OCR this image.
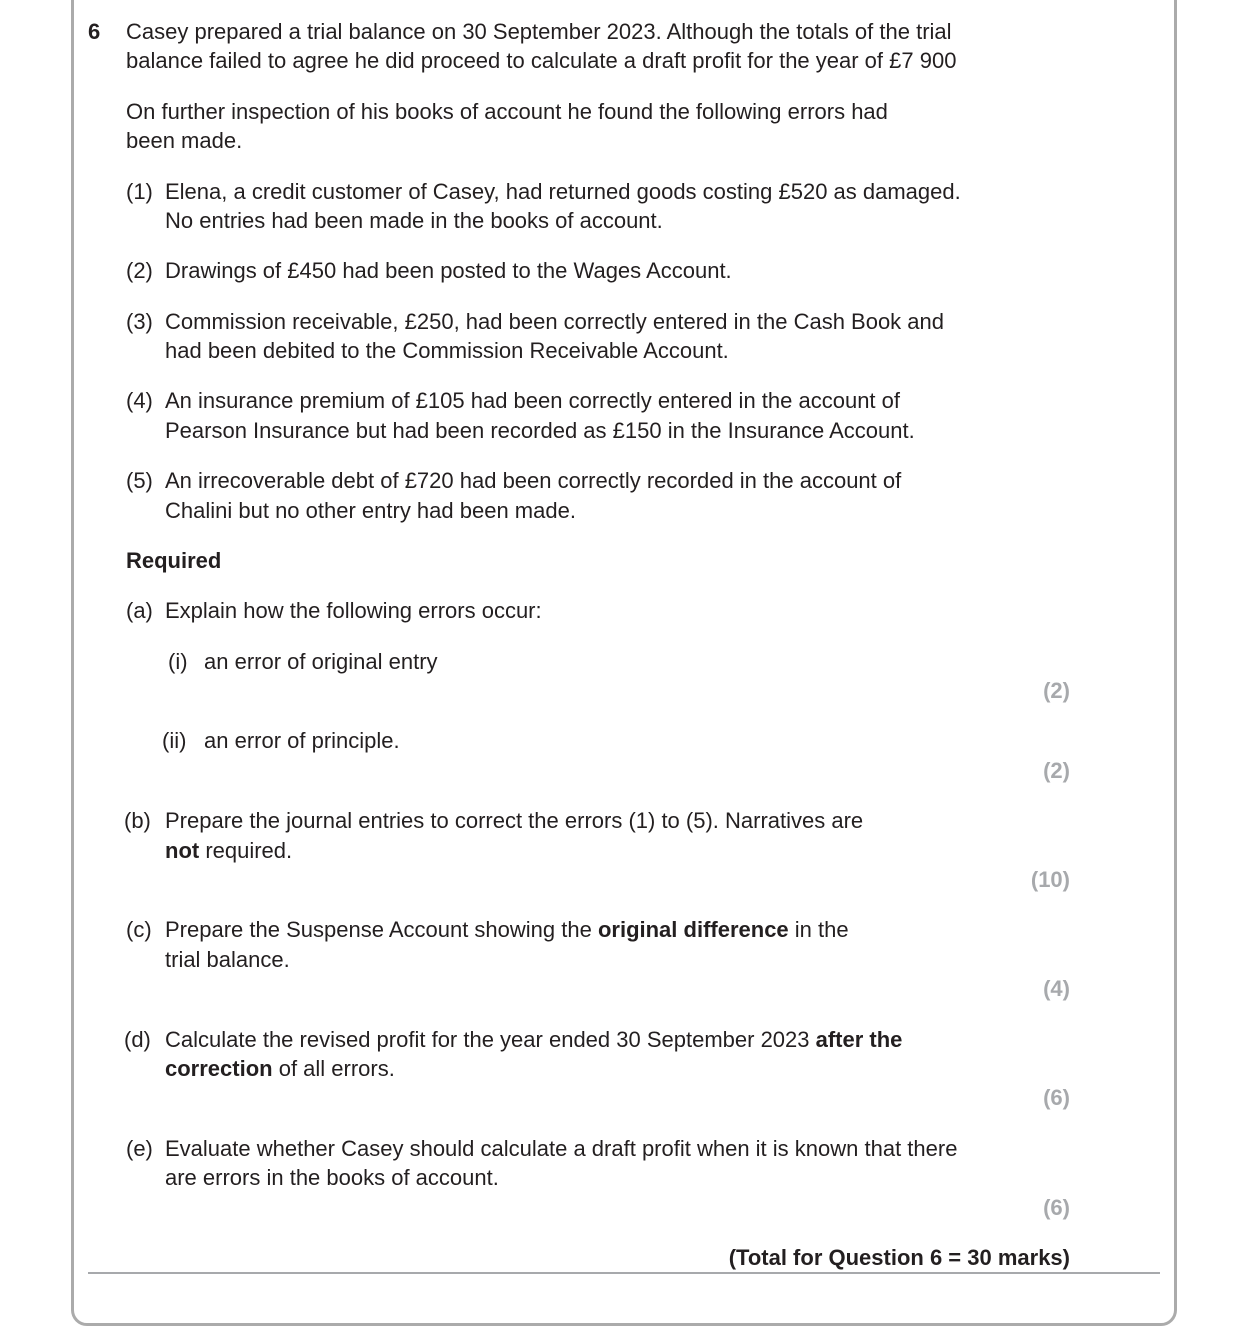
6 Casey prepared a trial balance on 30 September 2023. Although the totals of the trial
balance failed to agree he did proceed to calculate a draft profit for the year of £7 900
On further inspection of his books of account he found the following errors had
been made.
(1) Elena, a credit customer of Casey, had returned goods costing £520 as damaged.
No entries had been made in the books of account.
(2) Drawings of £450 had been posted to the Wages Account.
(3) Commission receivable, £250, had been correctly entered in the Cash Book and
had been debited to the Commission Receivable Account.
(4) An insurance premium of £105 had been correctly entered in the account of
Pearson Insurance but had been recorded as £150 in the Insurance Account.
(5) An irrecoverable debt of £720 had been correctly recorded in the account of
Chalini but no other entry had been made.
Required
(a) Explain how the following errors occur:
(i) an error of original entry
(2)
(ii) an error of principle.
(2)
(b) Prepare the journal entries to correct the errors (1) to (5). Narratives are
not required.
(10)
(c) Prepare the Suspense Account showing the original difference in the
trial balance.
(4)
(d) Calculate the revised profit for the year ended 30 September 2023 after the
correction of all errors.
(6)
(e) Evaluate whether Casey should calculate a draft profit when it is known that there
are errors in the books of account.
(6)
(Total for Question 6 = 30 marks)
